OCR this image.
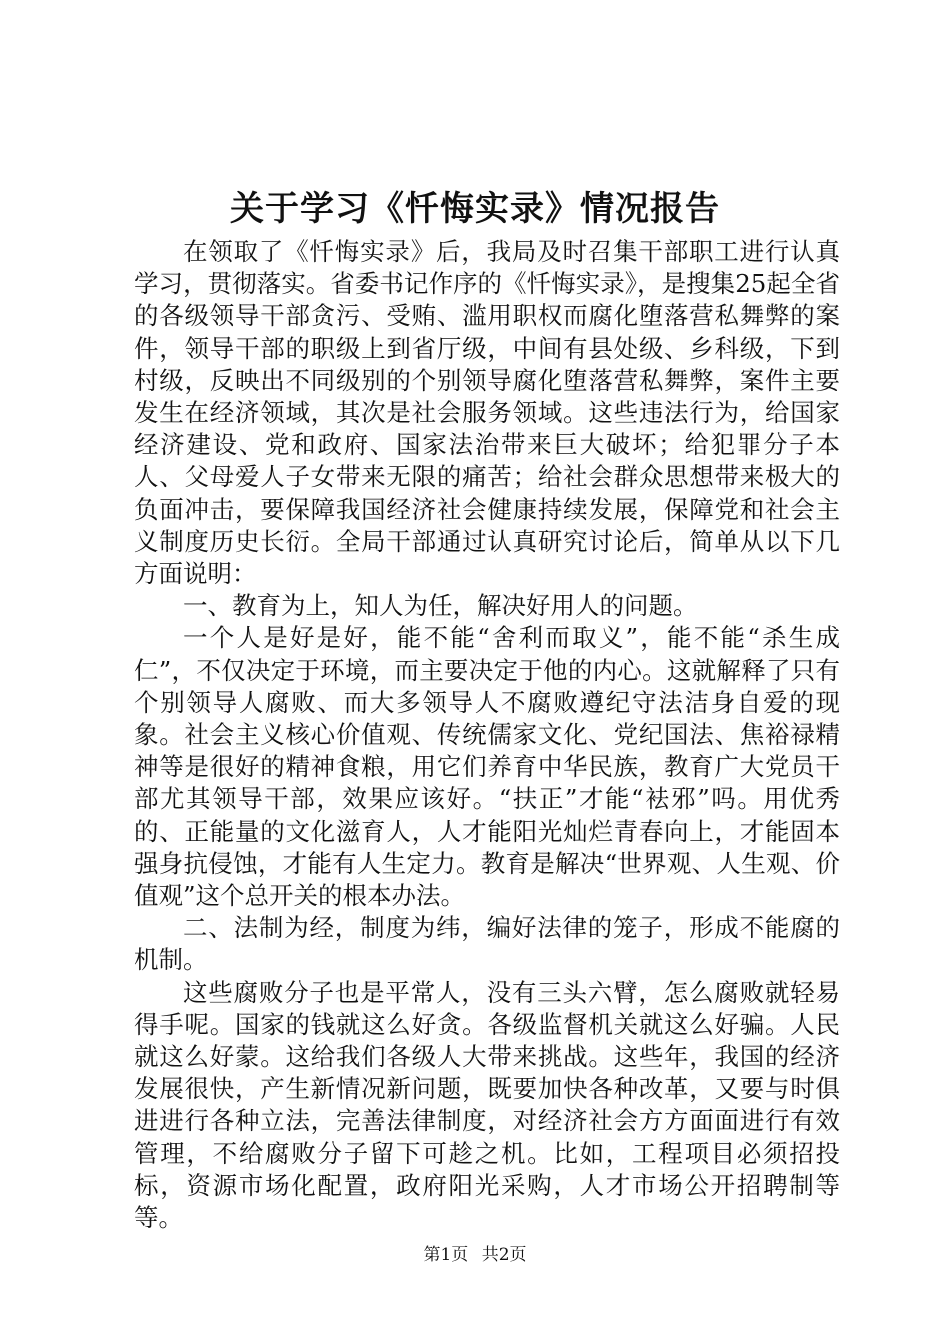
关于学习《忏悔实录》情况报告

在领取了《忏悔实录》后，我局及时召集干部职工进行认真学习，贯彻落实。省委书记作序的《忏悔实录》，是搜集25起全省的各级领导干部贪污、受贿、滥用职权而腐化堕落营私舞弊的案件，领导干部的职级上到省厅级，中间有县处级、乡科级，下到村级，反映出不同级别的个别领导腐化堕落营私舞弊，案件主要发生在经济领域，其次是社会服务领域。这些违法行为，给国家经济建设、党和政府、国家法治带来巨大破坏；给犯罪分子本人、父母爱人子女带来无限的痛苦；给社会群众思想带来极大的负面冲击，要保障我国经济社会健康持续发展，保障党和社会主义制度历史长衍。全局干部通过认真研究讨论后，简单从以下几方面说明：

一、教育为上，知人为任，解决好用人的问题。

一个人是好是好，能不能“舍利而取义”，能不能“杀生成仁”，不仅决定于环境，而主要决定于他的内心。这就解释了只有个别领导人腐败、而大多领导人不腐败遵纪守法洁身自爱的现象。社会主义核心价值观、传统儒家文化、党纪国法、焦裕禄精神等是很好的精神食粮，用它们养育中华民族，教育广大党员干部尤其领导干部，效果应该好。“扶正”才能“袪邪”吗。用优秀的、正能量的文化滋育人，人才能阳光灿烂青春向上，才能固本强身抗侵蚀，才能有人生定力。教育是解决“世界观、人生观、价值观”这个总开关的根本办法。

二、法制为经，制度为纬，编好法律的笼子，形成不能腐的机制。

这些腐败分子也是平常人，没有三头六臂，怎么腐败就轻易得手呢。国家的钱就这么好贪。各级监督机关就这么好骗。人民就这么好蒙。这给我们各级人大带来挑战。这些年，我国的经济发展很快，产生新情况新问题，既要加快各种改革，又要与时俱进进行各种立法，完善法律制度，对经济社会方方面面进行有效管理，不给腐败分子留下可趁之机。比如，工程项目必须招投标，资源市场化配置，政府阳光采购，人才市场公开招聘制等等。

第1页 共2页
